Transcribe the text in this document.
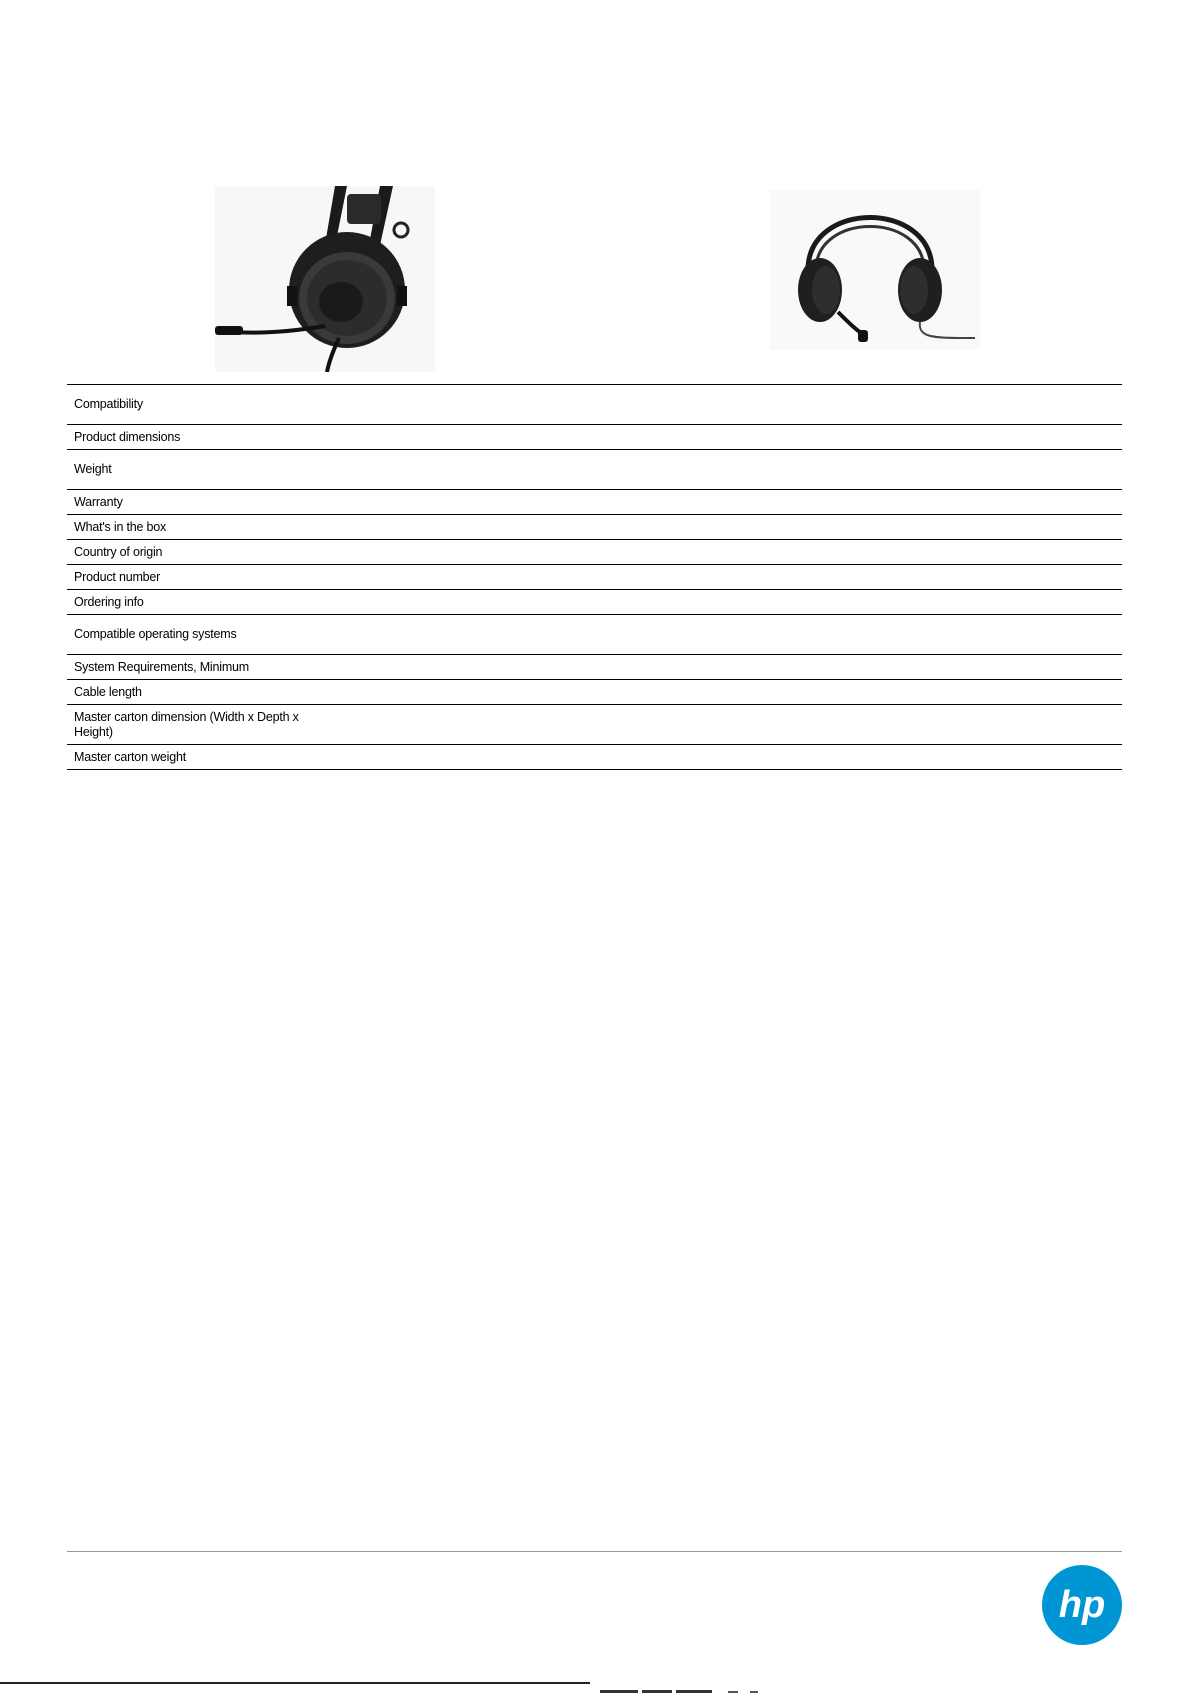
Compatibility	
Product dimensions	
Weight	
Warranty	
What's in the box	
Country of origin	
Product number	
Ordering info	
Compatible operating systems	
System Requirements, Minimum	
Cable length	
Master carton dimension (Width x Depth x Height)	
Master carton weight	
hp
